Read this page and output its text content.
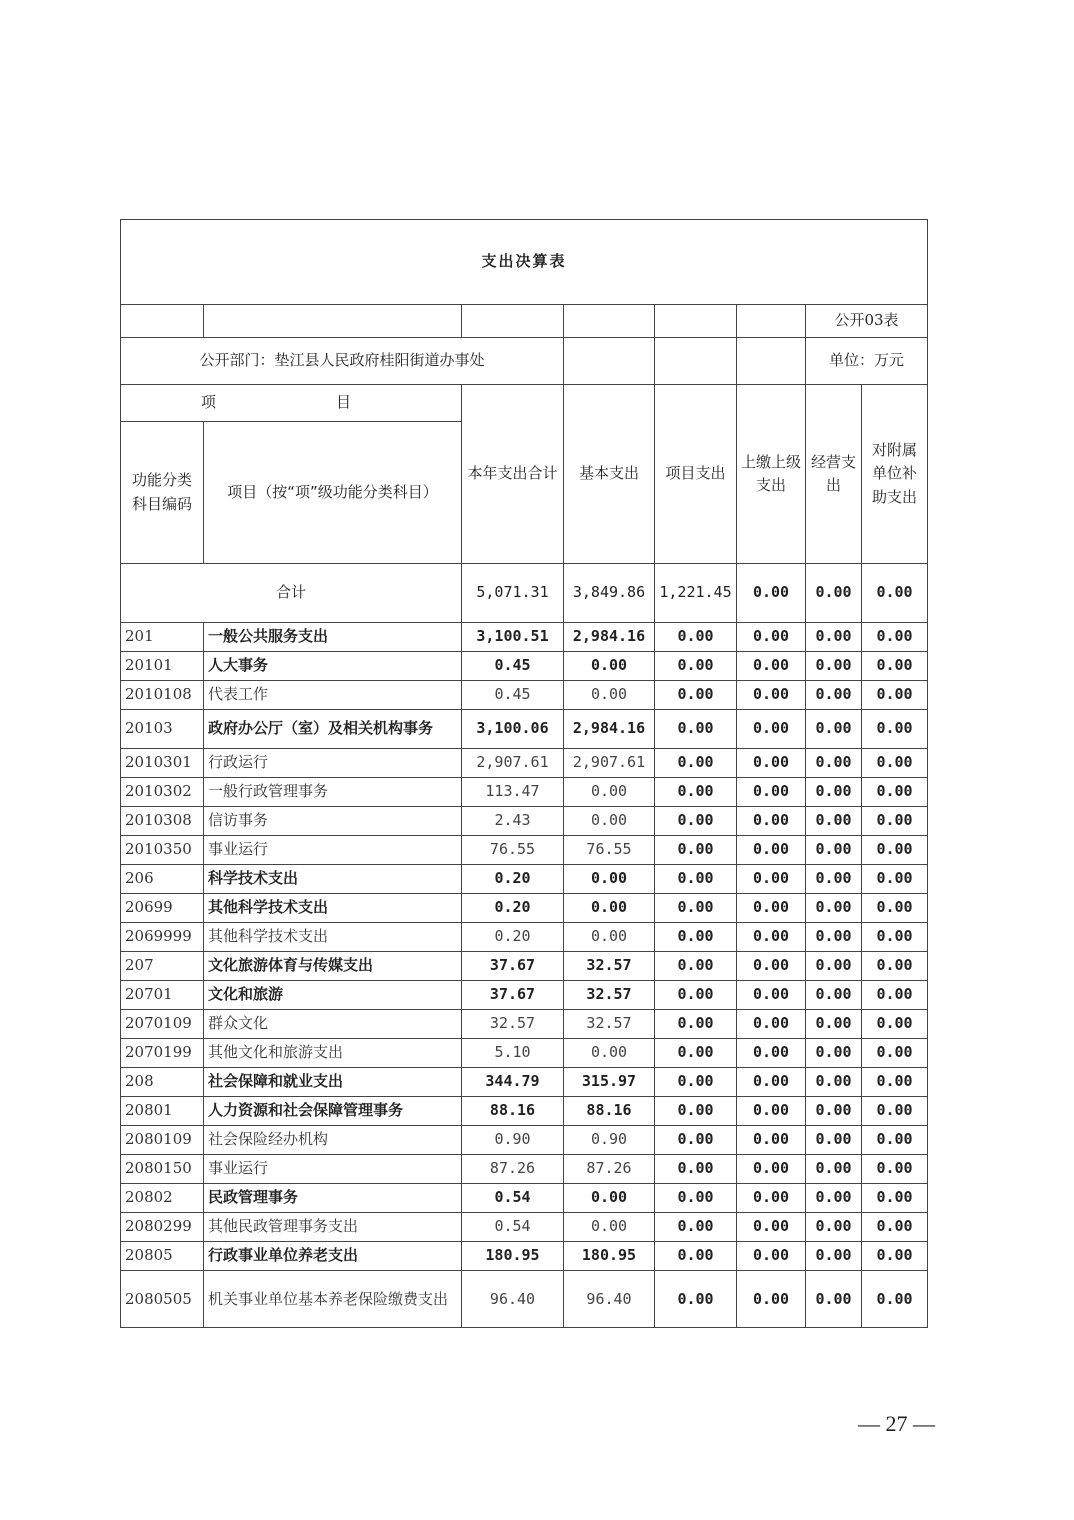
支出决算表							
						公开03表	
公开部门：垫江县人民政府桂阳街道办事处						单位：万元	
项　　目		本年支出合计	基本支出	项目支出	上缴上级支出	经营支出	对附属单位补助支出
功能分类科目编码	项目（按“项”级功能分类科目）						
合计		5,071.31	3,849.86	1,221.45	0.00	0.00	0.00
201	一般公共服务支出	3,100.51	2,984.16	0.00	0.00	0.00	0.00
20101	人大事务	0.45	0.00	0.00	0.00	0.00	0.00
2010108	代表工作	0.45	0.00	0.00	0.00	0.00	0.00
20103	政府办公厅（室）及相关机构事务	3,100.06	2,984.16	0.00	0.00	0.00	0.00
2010301	行政运行	2,907.61	2,907.61	0.00	0.00	0.00	0.00
2010302	一般行政管理事务	113.47	0.00	0.00	0.00	0.00	0.00
2010308	信访事务	2.43	0.00	0.00	0.00	0.00	0.00
2010350	事业运行	76.55	76.55	0.00	0.00	0.00	0.00
206	科学技术支出	0.20	0.00	0.00	0.00	0.00	0.00
20699	其他科学技术支出	0.20	0.00	0.00	0.00	0.00	0.00
2069999	其他科学技术支出	0.20	0.00	0.00	0.00	0.00	0.00
207	文化旅游体育与传媒支出	37.67	32.57	0.00	0.00	0.00	0.00
20701	文化和旅游	37.67	32.57	0.00	0.00	0.00	0.00
2070109	群众文化	32.57	32.57	0.00	0.00	0.00	0.00
2070199	其他文化和旅游支出	5.10	0.00	0.00	0.00	0.00	0.00
208	社会保障和就业支出	344.79	315.97	0.00	0.00	0.00	0.00
20801	人力资源和社会保障管理事务	88.16	88.16	0.00	0.00	0.00	0.00
2080109	社会保险经办机构	0.90	0.90	0.00	0.00	0.00	0.00
2080150	事业运行	87.26	87.26	0.00	0.00	0.00	0.00
20802	民政管理事务	0.54	0.00	0.00	0.00	0.00	0.00
2080299	其他民政管理事务支出	0.54	0.00	0.00	0.00	0.00	0.00
20805	行政事业单位养老支出	180.95	180.95	0.00	0.00	0.00	0.00
2080505	机关事业单位基本养老保险缴费支出	96.40	96.40	0.00	0.00	0.00	0.00
— 27 —
